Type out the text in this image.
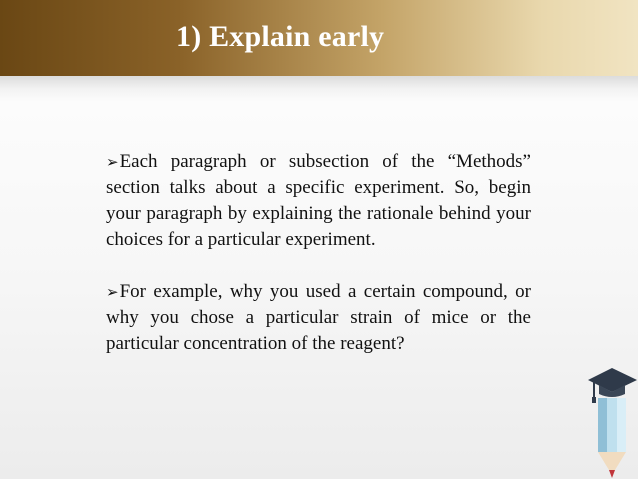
1) Explain early

➢Each paragraph or subsection of the “Methods” section talks about a specific experiment. So, begin your paragraph by explaining the rationale behind your choices for a particular experiment.

➢For example, why you used a certain compound, or why you chose a particular strain of mice or the particular concentration of the reagent?
